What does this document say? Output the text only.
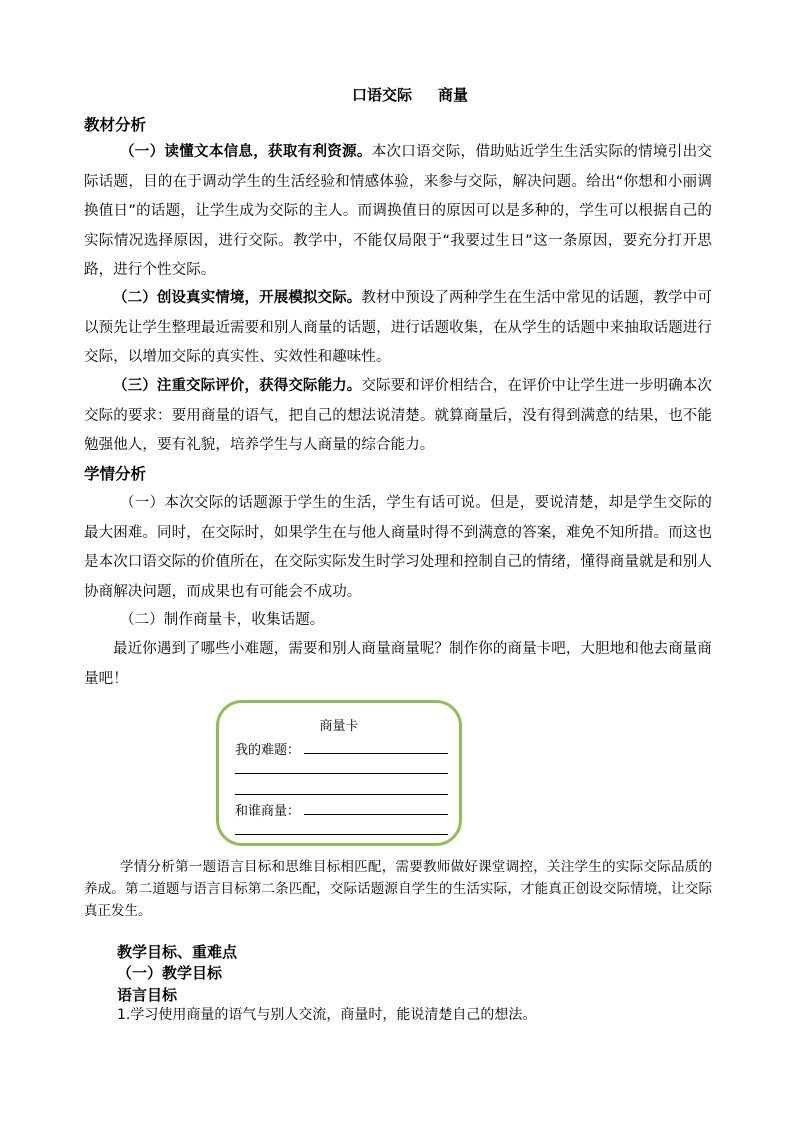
口语交际 商量
教材分析
（一）读懂文本信息，获取有利资源。本次口语交际，借助贴近学生生活实际的情境引出交际话题，目的在于调动学生的生活经验和情感体验，来参与交际，解决问题。给出“你想和小丽调换值日”的话题，让学生成为交际的主人。而调换值日的原因可以是多种的，学生可以根据自己的实际情况选择原因，进行交际。教学中，不能仅局限于“我要过生日”这一条原因，要充分打开思路，进行个性交际。
（二）创设真实情境，开展模拟交际。教材中预设了两种学生在生活中常见的话题，教学中可以预先让学生整理最近需要和别人商量的话题，进行话题收集，在从学生的话题中来抽取话题进行交际，以增加交际的真实性、实效性和趣味性。
（三）注重交际评价，获得交际能力。交际要和评价相结合，在评价中让学生进一步明确本次交际的要求：要用商量的语气，把自己的想法说清楚。就算商量后，没有得到满意的结果，也不能勉强他人，要有礼貌，培养学生与人商量的综合能力。
学情分析
（一）本次交际的话题源于学生的生活，学生有话可说。但是，要说清楚，却是学生交际的最大困难。同时，在交际时，如果学生在与他人商量时得不到满意的答案，难免不知所措。而这也是本次口语交际的价值所在，在交际实际发生时学习处理和控制自己的情绪，懂得商量就是和别人协商解决问题，而成果也有可能会不成功。
（二）制作商量卡，收集话题。
最近你遇到了哪些小难题，需要和别人商量商量呢？制作你的商量卡吧，大胆地和他去商量商量吧！
商量卡
我的难题：
和谁商量：
学情分析第一题语言目标和思维目标相匹配，需要教师做好课堂调控，关注学生的实际交际品质的养成。第二道题与语言目标第二条匹配，交际话题源自学生的生活实际，才能真正创设交际情境，让交际真正发生。
教学目标、重难点
（一）教学目标
语言目标
1.学习使用商量的语气与别人交流，商量时，能说清楚自己的想法。
